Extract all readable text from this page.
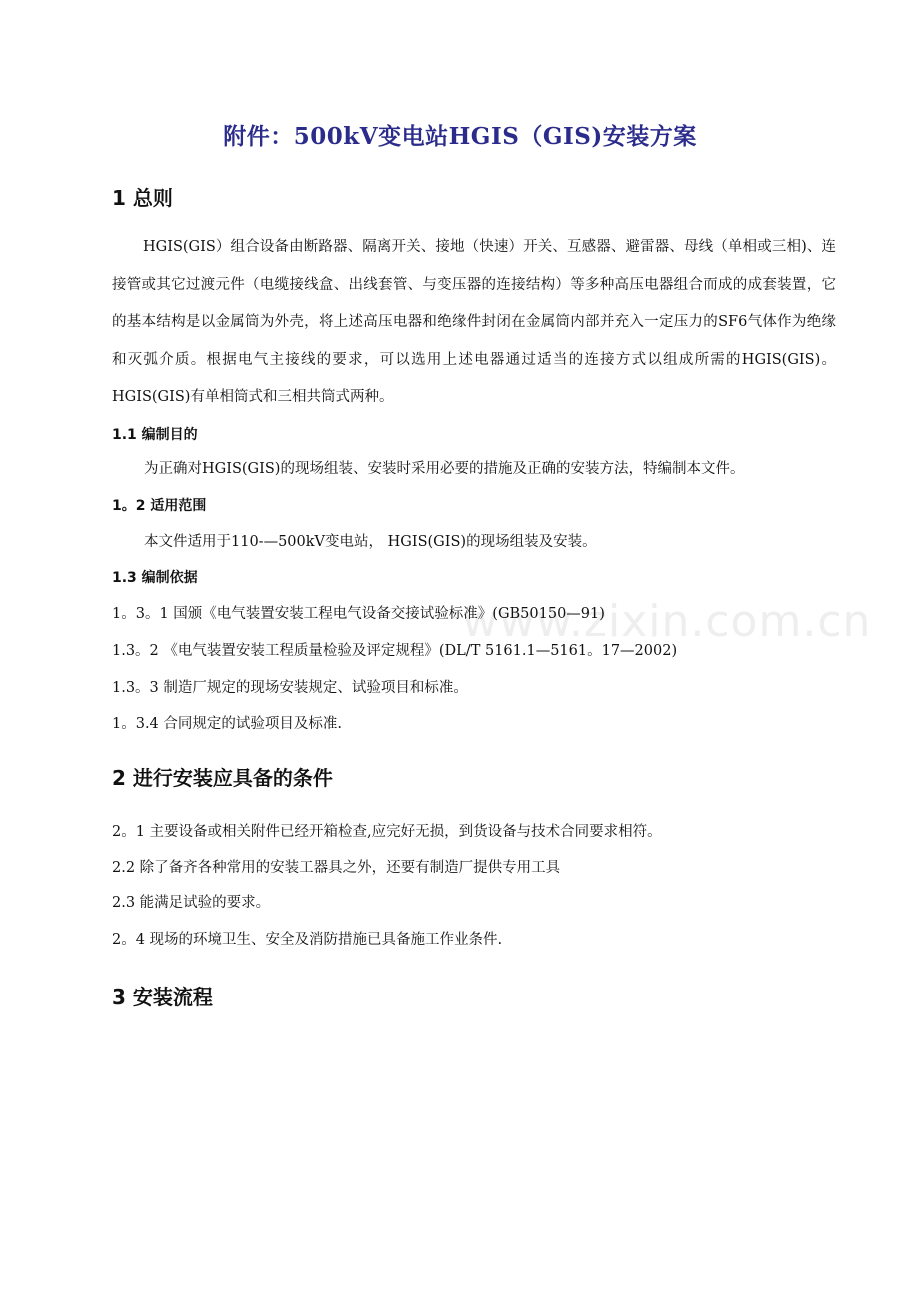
www.zixin.com.cn
附件：500kV变电站HGIS（GIS)安装方案
1 总则
HGIS(GIS）组合设备由断路器、隔离开关、接地（快速）开关、互感器、避雷器、母线（单相或三相)、连接管或其它过渡元件（电缆接线盒、出线套管、与变压器的连接结构）等多种高压电器组合而成的成套装置，它的基本结构是以金属筒为外壳，将上述高压电器和绝缘件封闭在金属筒内部并充入一定压力的SF6气体作为绝缘和灭弧介质。根据电气主接线的要求，可以选用上述电器通过适当的连接方式以组成所需的HGIS(GIS)。HGIS(GIS)有单相筒式和三相共筒式两种。
1.1 编制目的
为正确对HGIS(GIS)的现场组装、安装时采用必要的措施及正确的安装方法，特编制本文件。
1。2 适用范围
本文件适用于110-—500kV变电站， HGIS(GIS)的现场组装及安装。
1.3 编制依据
1。3。1 国颁《电气装置安装工程电气设备交接试验标准》(GB50150—91)
1.3。2 《电气装置安装工程质量检验及评定规程》(DL/T 5161.1—5161。17—2002)
1.3。3 制造厂规定的现场安装规定、试验项目和标准。
1。3.4 合同规定的试验项目及标准.
2 进行安装应具备的条件
2。1 主要设备或相关附件已经开箱检查,应完好无损，到货设备与技术合同要求相符。
2.2 除了备齐各种常用的安装工器具之外，还要有制造厂提供专用工具
2.3 能满足试验的要求。
2。4 现场的环境卫生、安全及消防措施已具备施工作业条件.
3 安装流程
